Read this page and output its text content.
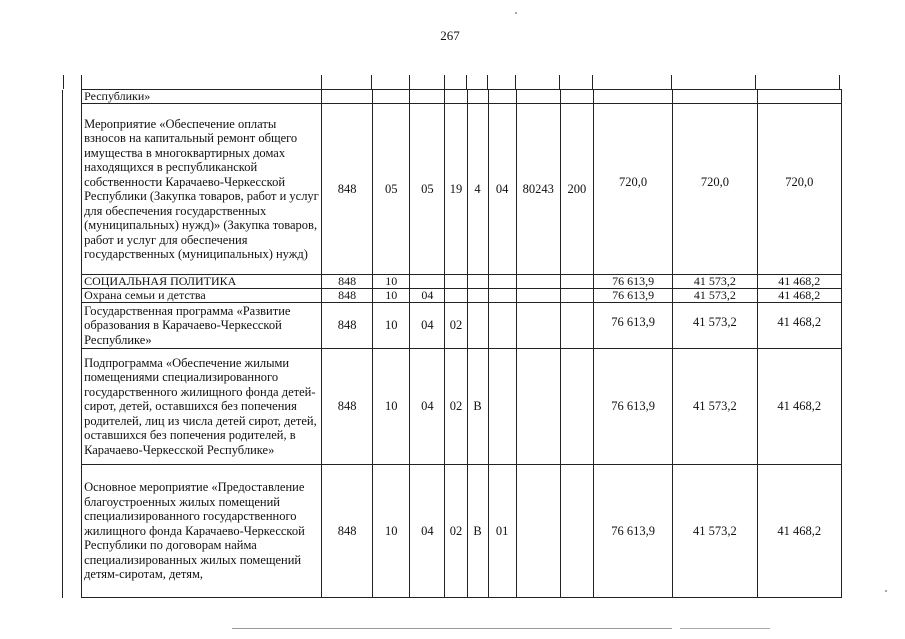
267
	Республики»											
	Мероприятие «Обеспечение оплаты взносов на капитальный ремонт общего имущества в многоквартирных домах находящихся в республиканской собственности Карачаево-Черкесской Республики (Закупка товаров, работ и услуг для обеспечения государственных (муниципальных) нужд)» (Закупка товаров, работ и услуг для обеспечения государственных (муниципальных) нужд)	848	05	05	19	4	04	80243	200	720,0	720,0	720,0
	СОЦИАЛЬНАЯ ПОЛИТИКА	848	10							76 613,9	41 573,2	41 468,2
	Охрана семьи и детства	848	10	04						76 613,9	41 573,2	41 468,2
	Государственная программа «Развитие образования в Карачаево-Черкесской Республике»	848	10	04	02					76 613,9	41 573,2	41 468,2
	Подпрограмма «Обеспечение жилыми помещениями специализированного государственного жилищного фонда детей-сирот, детей, оставшихся без попечения родителей, лиц из числа детей сирот, детей, оставшихся без попечения родителей, в Карачаево-Черкесской Республике»	848	10	04	02	В				76 613,9	41 573,2	41 468,2
	Основное мероприятие «Предоставление благоустроенных жилых помещений специализированного государственного жилищного фонда Карачаево-Черкесской Республики по договорам найма специализированных жилых помещений детям-сиротам, детям,	848	10	04	02	В	01			76 613,9	41 573,2	41 468,2
